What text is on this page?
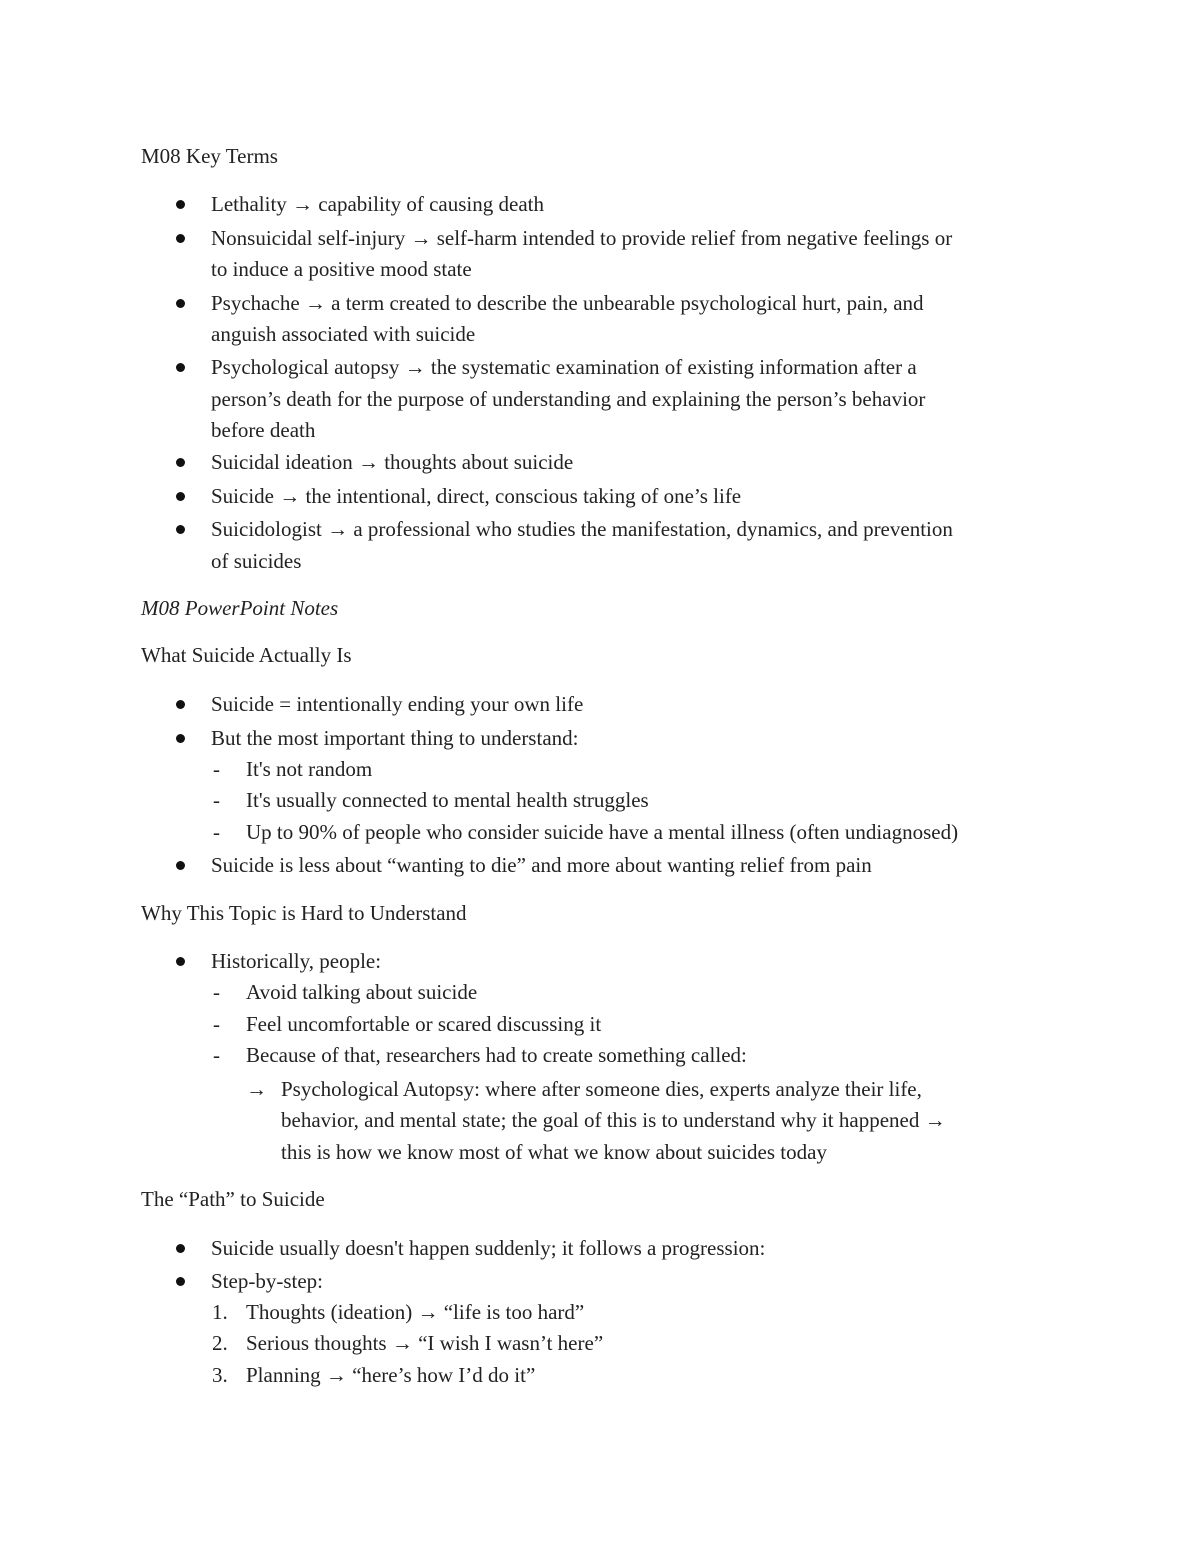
M08 Key Terms
Lethality → capability of causing death
Nonsuicidal self-injury → self-harm intended to provide relief from negative feelings or
to induce a positive mood state
Psychache → a term created to describe the unbearable psychological hurt, pain, and
anguish associated with suicide
Psychological autopsy → the systematic examination of existing information after a
person’s death for the purpose of understanding and explaining the person’s behavior
before death
Suicidal ideation → thoughts about suicide
Suicide → the intentional, direct, conscious taking of one’s life
Suicidologist → a professional who studies the manifestation, dynamics, and prevention
of suicides
M08 PowerPoint Notes
What Suicide Actually Is
Suicide = intentionally ending your own life
But the most important thing to understand:
- It's not random
- It's usually connected to mental health struggles
- Up to 90% of people who consider suicide have a mental illness (often undiagnosed)
Suicide is less about “wanting to die” and more about wanting relief from pain
Why This Topic is Hard to Understand
Historically, people:
- Avoid talking about suicide
- Feel uncomfortable or scared discussing it
- Because of that, researchers had to create something called:
→ Psychological Autopsy: where after someone dies, experts analyze their life,
behavior, and mental state; the goal of this is to understand why it happened →
this is how we know most of what we know about suicides today
The “Path” to Suicide
Suicide usually doesn't happen suddenly; it follows a progression:
Step-by-step:
1. Thoughts (ideation) → “life is too hard”
2. Serious thoughts → “I wish I wasn’t here”
3. Planning → “here’s how I’d do it”
